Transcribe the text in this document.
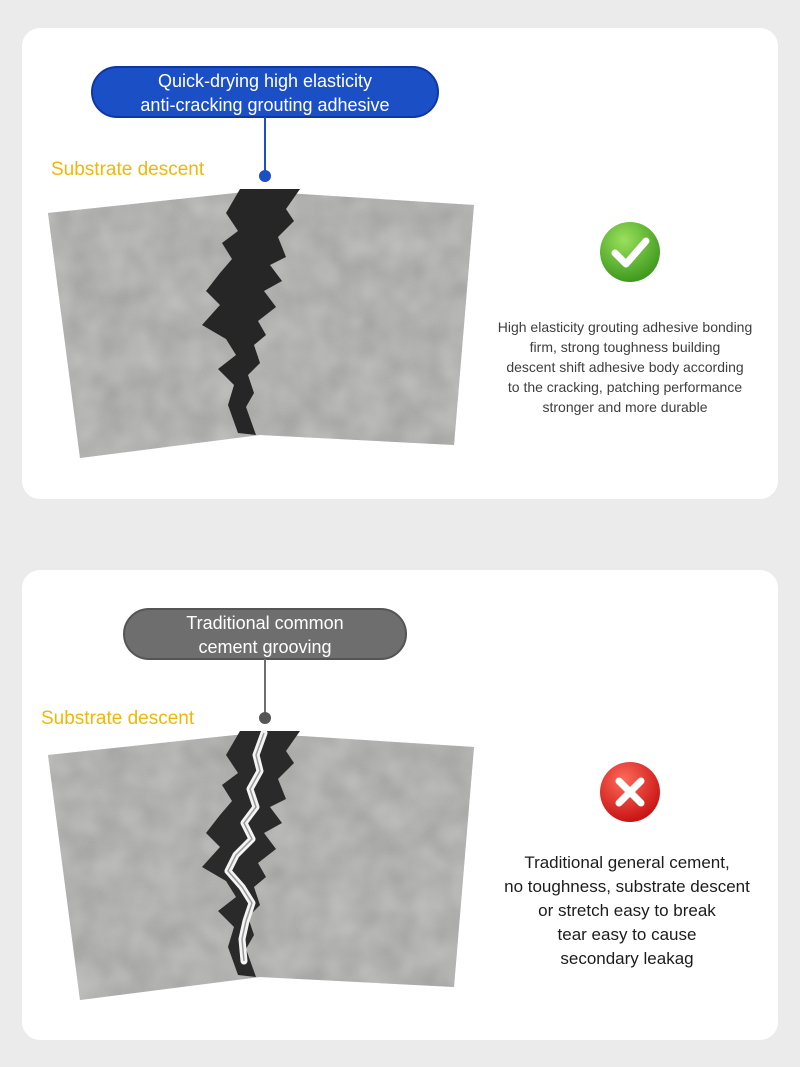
Quick-drying high elasticity
anti-cracking grouting adhesive
Substrate descent
High elasticity grouting adhesive bonding
firm, strong toughness building
descent shift adhesive body according
to the cracking, patching performance
stronger and more durable
Traditional common
cement grooving
Substrate descent
Traditional general cement,
no toughness, substrate descent
or stretch easy to break
tear easy to cause
secondary leakag
